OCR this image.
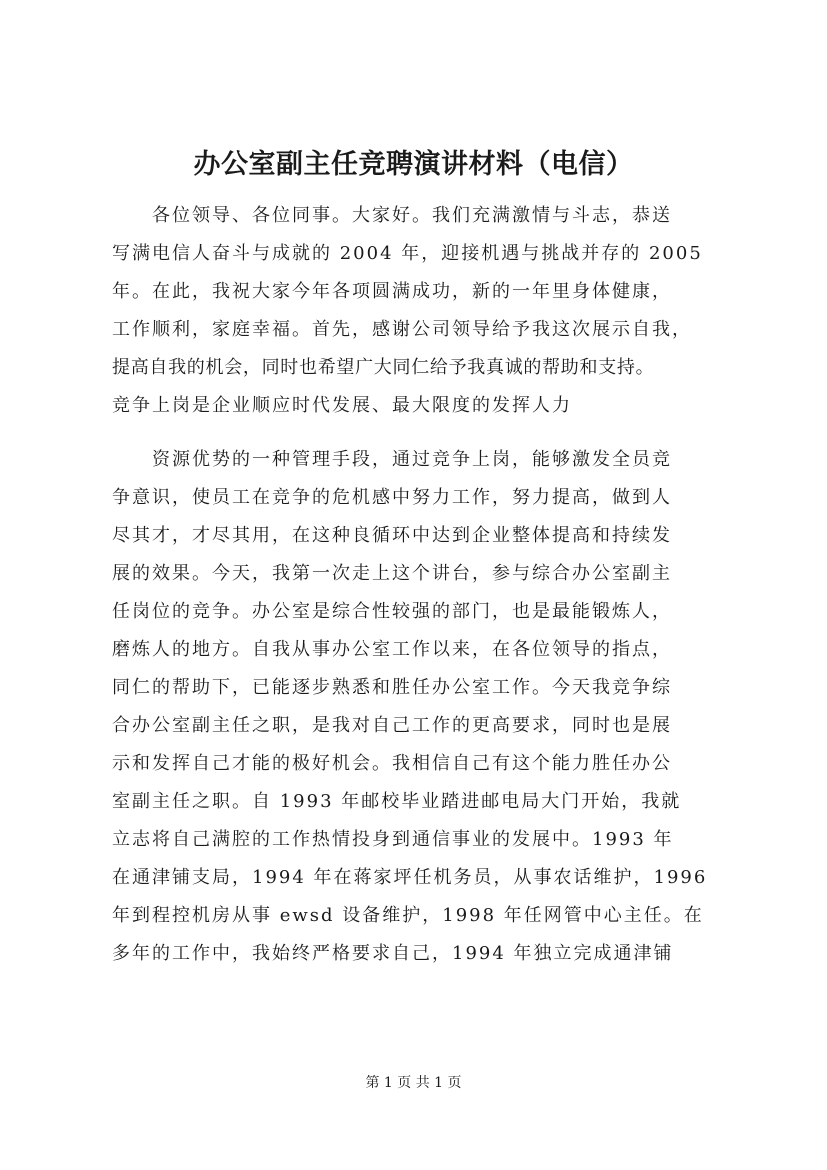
办公室副主任竞聘演讲材料（电信）

各位领导、各位同事。大家好。我们充满激情与斗志，恭送
写满电信人奋斗与成就的 2004 年，迎接机遇与挑战并存的 2005
年。在此，我祝大家今年各项圆满成功，新的一年里身体健康，
工作顺利，家庭幸福。首先，感谢公司领导给予我这次展示自我，
提高自我的机会，同时也希望广大同仁给予我真诚的帮助和支持。
竞争上岗是企业顺应时代发展、最大限度的发挥人力

资源优势的一种管理手段，通过竞争上岗，能够激发全员竞
争意识，使员工在竞争的危机感中努力工作，努力提高，做到人
尽其才，才尽其用，在这种良循环中达到企业整体提高和持续发
展的效果。今天，我第一次走上这个讲台，参与综合办公室副主
任岗位的竞争。办公室是综合性较强的部门，也是最能锻炼人，
磨炼人的地方。自我从事办公室工作以来，在各位领导的指点，
同仁的帮助下，已能逐步熟悉和胜任办公室工作。今天我竞争综
合办公室副主任之职，是我对自己工作的更高要求，同时也是展
示和发挥自己才能的极好机会。我相信自己有这个能力胜任办公
室副主任之职。自 1993 年邮校毕业踏进邮电局大门开始，我就
立志将自己满腔的工作热情投身到通信事业的发展中。1993 年
在通津铺支局，1994 年在蒋家坪任机务员，从事农话维护，1996
年到程控机房从事 ewsd 设备维护，1998 年任网管中心主任。在
多年的工作中，我始终严格要求自己，1994 年独立完成通津铺

第 1 页 共 1 页
